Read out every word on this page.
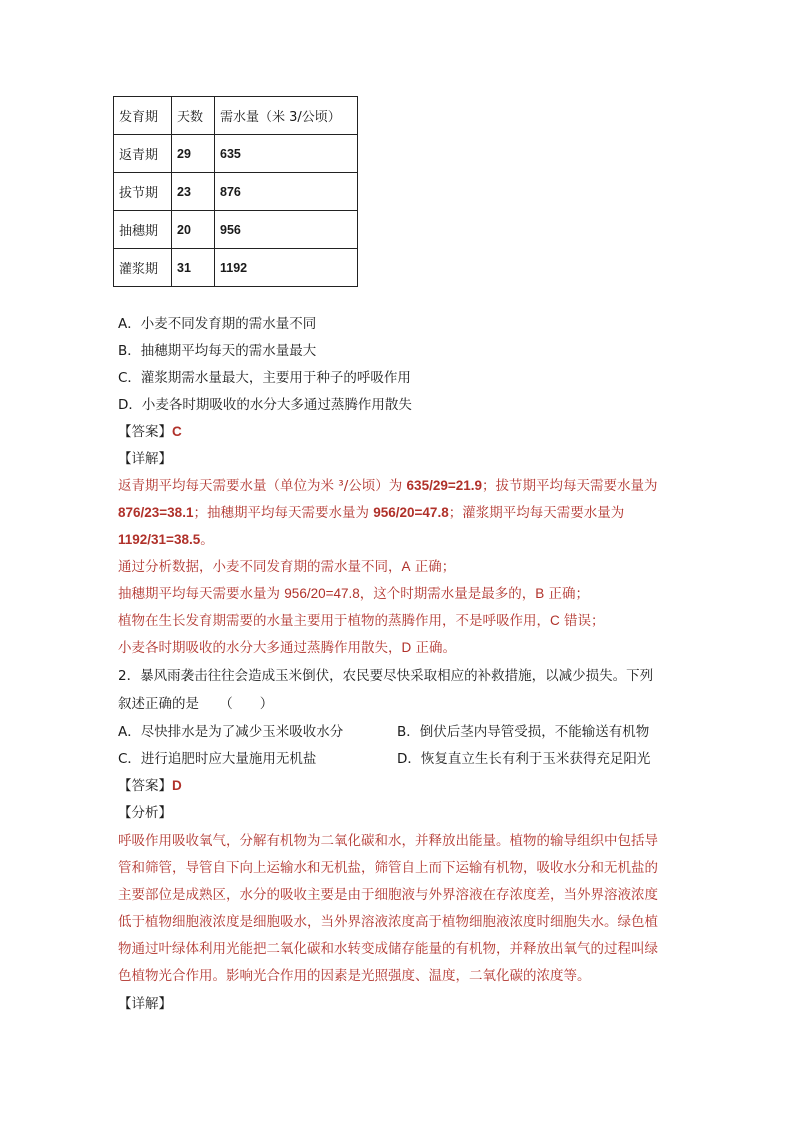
发育期	天数	需水量（米 3/公顷）
返青期	29	635
拔节期	23	876
抽穗期	20	956
灌浆期	31	1192
A．小麦不同发育期的需水量不同
B．抽穗期平均每天的需水量最大
C．灌浆期需水量最大，主要用于种子的呼吸作用
D．小麦各时期吸收的水分大多通过蒸腾作用散失
【答案】C
【详解】
返青期平均每天需要水量（单位为米 ³/公顷）为 635/29=21.9；拔节期平均每天需要水量为
876/23=38.1；抽穗期平均每天需要水量为 956/20=47.8；灌浆期平均每天需要水量为
1192/31=38.5。
通过分析数据，小麦不同发育期的需水量不同，A 正确；
抽穗期平均每天需要水量为 956/20=47.8，这个时期需水量是最多的，B 正确；
植物在生长发育期需要的水量主要用于植物的蒸腾作用，不是呼吸作用，C 错误；
小麦各时期吸收的水分大多通过蒸腾作用散失，D 正确。
2．暴风雨袭击往往会造成玉米倒伏，农民要尽快采取相应的补救措施，以减少损失。下列
叙述正确的是　　（　　）
A．尽快排水是为了减少玉米吸收水分	B．倒伏后茎内导管受损，不能输送有机物
C．进行追肥时应大量施用无机盐	D．恢复直立生长有利于玉米获得充足阳光
【答案】D
【分析】
呼吸作用吸收氧气，分解有机物为二氧化碳和水，并释放出能量。植物的输导组织中包括导
管和筛管，导管自下向上运输水和无机盐，筛管自上而下运输有机物，吸收水分和无机盐的
主要部位是成熟区，水分的吸收主要是由于细胞液与外界溶液在存浓度差，当外界溶液浓度
低于植物细胞液浓度是细胞吸水，当外界溶液浓度高于植物细胞液浓度时细胞失水。绿色植
物通过叶绿体利用光能把二氧化碳和水转变成储存能量的有机物，并释放出氧气的过程叫绿
色植物光合作用。影响光合作用的因素是光照强度、温度，二氧化碳的浓度等。
【详解】
